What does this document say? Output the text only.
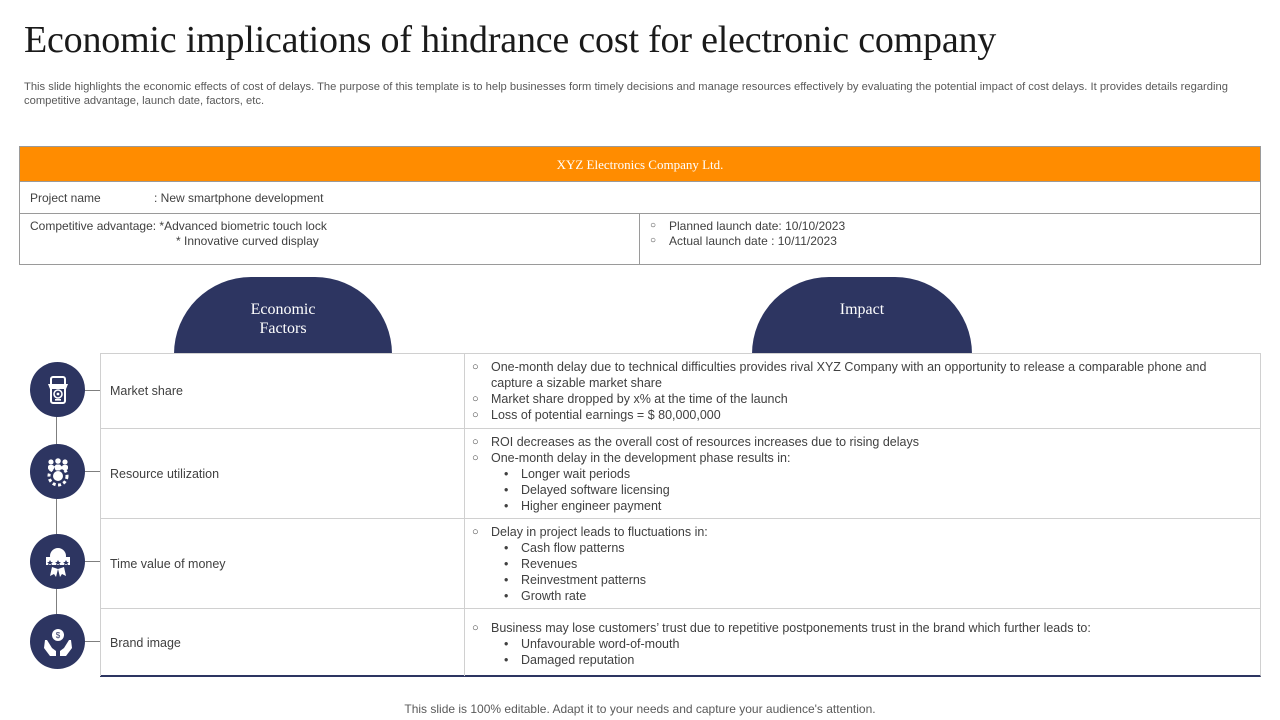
Economic implications of hindrance cost for electronic company
This slide highlights the economic effects of cost of delays. The purpose of this template is to help businesses form timely decisions and manage resources effectively by evaluating the potential impact of cost delays. It provides details regarding competitive advantage, launch date, factors, etc.
XYZ Electronics Company Ltd.
Project name	: New smartphone development
Competitive advantage: *Advanced biometric touch lock
* Innovative curved display
○ Planned launch date: 10/10/2023
○ Actual launch date : 10/11/2023
Economic
Factors
Impact
$
Market share
○ One-month delay due to technical difficulties provides rival XYZ Company with an opportunity to release a comparable phone and capture a sizable market share
○ Market share dropped by x% at the time of the launch
○ Loss of potential earnings = $ 80,000,000
Resource utilization
○ ROI decreases as the overall cost of resources increases due to rising delays
○ One-month delay in the development phase results in:
• Longer wait periods
• Delayed software licensing
• Higher engineer payment
Time value of money
○ Delay in project leads to fluctuations in:
• Cash flow patterns
• Revenues
• Reinvestment patterns
• Growth rate
Brand image
○ Business may lose customers’ trust due to repetitive postponements trust in the brand which further leads to:
• Unfavourable word-of-mouth
• Damaged reputation
This slide is 100% editable. Adapt it to your needs and capture your audience's attention.
